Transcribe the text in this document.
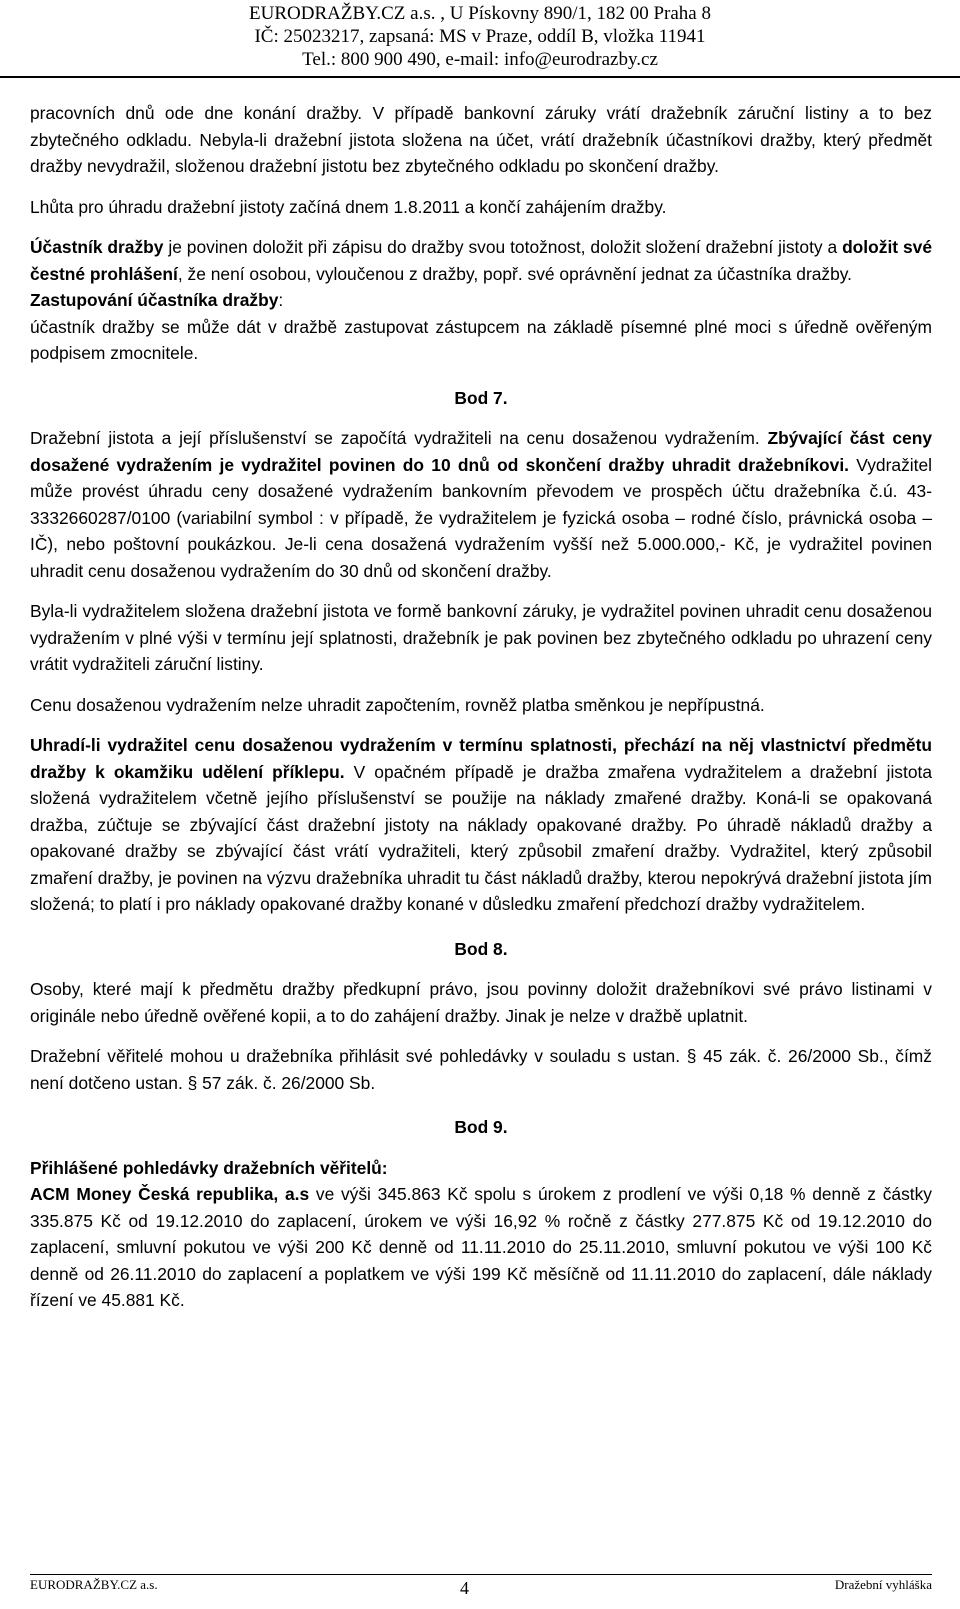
EURODRAŽBY.CZ a.s. , U Pískovny 890/1, 182 00 Praha 8
IČ: 25023217, zapsaná: MS v Praze, oddíl B, vložka 11941
Tel.: 800 900 490, e-mail: info@eurodrazby.cz

pracovních dnů ode dne konání dražby. V případě bankovní záruky vrátí dražebník záruční listiny a to bez zbytečného odkladu. Nebyla-li dražební jistota složena na účet, vrátí dražebník účastníkovi dražby, který předmět dražby nevydražil, složenou dražební jistotu bez zbytečného odkladu po skončení dražby.

Lhůta pro úhradu dražební jistoty začíná dnem 1.8.2011 a končí zahájením dražby.

Účastník dražby je povinen doložit při zápisu do dražby svou totožnost, doložit složení dražební jistoty a doložit své čestné prohlášení, že není osobou, vyloučenou z dražby, popř. své oprávnění jednat za účastníka dražby.

Zastupování účastníka dražby:

účastník dražby se může dát v dražbě zastupovat zástupcem na základě písemné plné moci s úředně ověřeným podpisem zmocnitele.

Bod 7.

Dražební jistota a její příslušenství se započítá vydražiteli na cenu dosaženou vydražením. Zbývající část ceny dosažené vydražením je vydražitel povinen do 10 dnů od skončení dražby uhradit dražebníkovi. Vydražitel může provést úhradu ceny dosažené vydražením bankovním převodem ve prospěch účtu dražebníka č.ú. 43-3332660287/0100 (variabilní symbol : v případě, že vydražitelem je fyzická osoba – rodné číslo, právnická osoba – IČ), nebo poštovní poukázkou. Je-li cena dosažená vydražením vyšší než 5.000.000,- Kč, je vydražitel povinen uhradit cenu dosaženou vydražením do 30 dnů od skončení dražby.

Byla-li vydražitelem složena dražební jistota ve formě bankovní záruky, je vydražitel povinen uhradit cenu dosaženou vydražením v plné výši v termínu její splatnosti, dražebník je pak povinen bez zbytečného odkladu po uhrazení ceny vrátit vydražiteli záruční listiny.

Cenu dosaženou vydražením nelze uhradit započtením, rovněž platba směnkou je nepřípustná.

Uhradí-li vydražitel cenu dosaženou vydražením v termínu splatnosti, přechází na něj vlastnictví předmětu dražby k okamžiku udělení příklepu. V opačném případě je dražba zmařena vydražitelem a dražební jistota složená vydražitelem včetně jejího příslušenství se použije na náklady zmařené dražby. Koná-li se opakovaná dražba, zúčtuje se zbývající část dražební jistoty na náklady opakované dražby. Po úhradě nákladů dražby a opakované dražby se zbývající část vrátí vydražiteli, který způsobil zmaření dražby. Vydražitel, který způsobil zmaření dražby, je povinen na výzvu dražebníka uhradit tu část nákladů dražby, kterou nepokrývá dražební jistota jím složená; to platí i pro náklady opakované dražby konané v důsledku zmaření předchozí dražby vydražitelem.

Bod 8.

Osoby, které mají k předmětu dražby předkupní právo, jsou povinny doložit dražebníkovi své právo listinami v originále nebo úředně ověřené kopii, a to do zahájení dražby. Jinak je nelze v dražbě uplatnit.

Dražební věřitelé mohou u dražebníka přihlásit své pohledávky v souladu s ustan. § 45 zák. č. 26/2000 Sb., čímž není dotčeno ustan. § 57 zák. č. 26/2000 Sb.

Bod 9.

Přihlášené pohledávky dražebních věřitelů:

ACM Money Česká republika, a.s ve výši 345.863 Kč spolu s úrokem z prodlení ve výši 0,18 % denně z částky 335.875 Kč od 19.12.2010 do zaplacení, úrokem ve výši 16,92 % ročně z částky 277.875 Kč od 19.12.2010 do zaplacení, smluvní pokutou ve výši 200 Kč denně od 11.11.2010 do 25.11.2010, smluvní pokutou ve výši 100 Kč denně od 26.11.2010 do zaplacení a poplatkem ve výši 199 Kč měsíčně od 11.11.2010 do zaplacení, dále náklady řízení ve 45.881 Kč.

EURODRAŽBY.CZ a.s.	4	Dražební vyhláška
